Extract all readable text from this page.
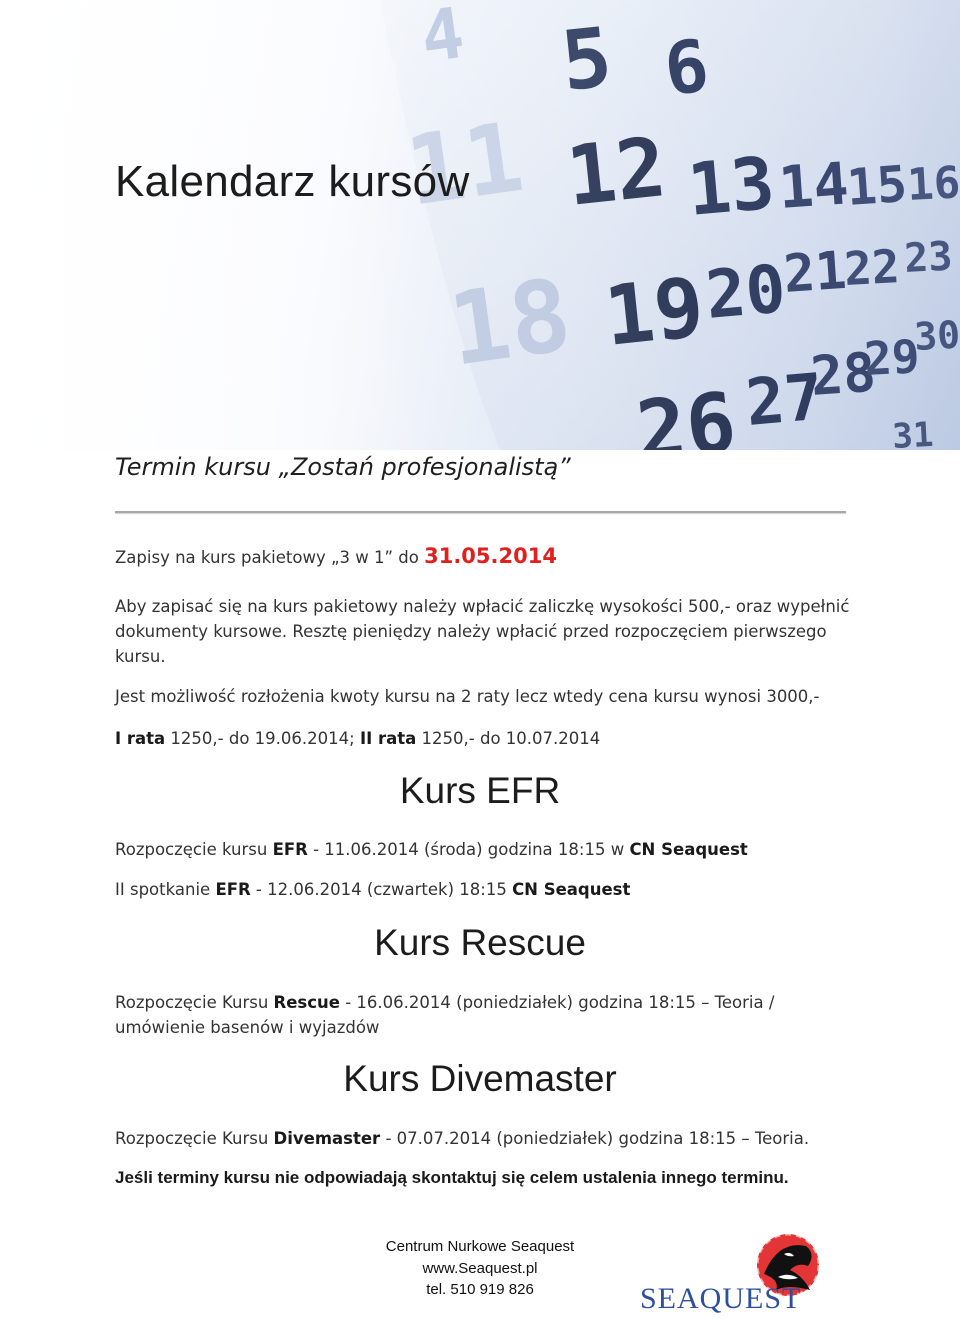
Kalendarz kursów
Termin kursu „Zostań profesjonalistą”

Zapisy na kurs pakietowy „3 w 1” do 31.05.2014

Aby zapisać się na kurs pakietowy należy wpłacić zaliczkę wysokości 500,- oraz wypełnić dokumenty kursowe. Resztę pieniędzy należy wpłacić przed rozpoczęciem pierwszego kursu.

Jest możliwość rozłożenia kwoty kursu na 2 raty lecz wtedy cena kursu wynosi 3000,-

I rata 1250,- do 19.06.2014; II rata 1250,- do 10.07.2014

Kurs EFR

Rozpoczęcie kursu EFR - 11.06.2014 (środa) godzina 18:15 w CN Seaquest

II spotkanie EFR - 12.06.2014 (czwartek) 18:15 CN Seaquest

Kurs Rescue

Rozpoczęcie Kursu Rescue - 16.06.2014 (poniedziałek) godzina 18:15 – Teoria / umówienie basenów i wyjazdów

Kurs Divemaster

Rozpoczęcie Kursu Divemaster - 07.07.2014 (poniedziałek) godzina 18:15 – Teoria.

Jeśli terminy kursu nie odpowiadają skontaktuj się celem ustalenia innego terminu.

Centrum Nurkowe Seaquest
www.Seaquest.pl
tel. 510 919 826	SEAQUEST
